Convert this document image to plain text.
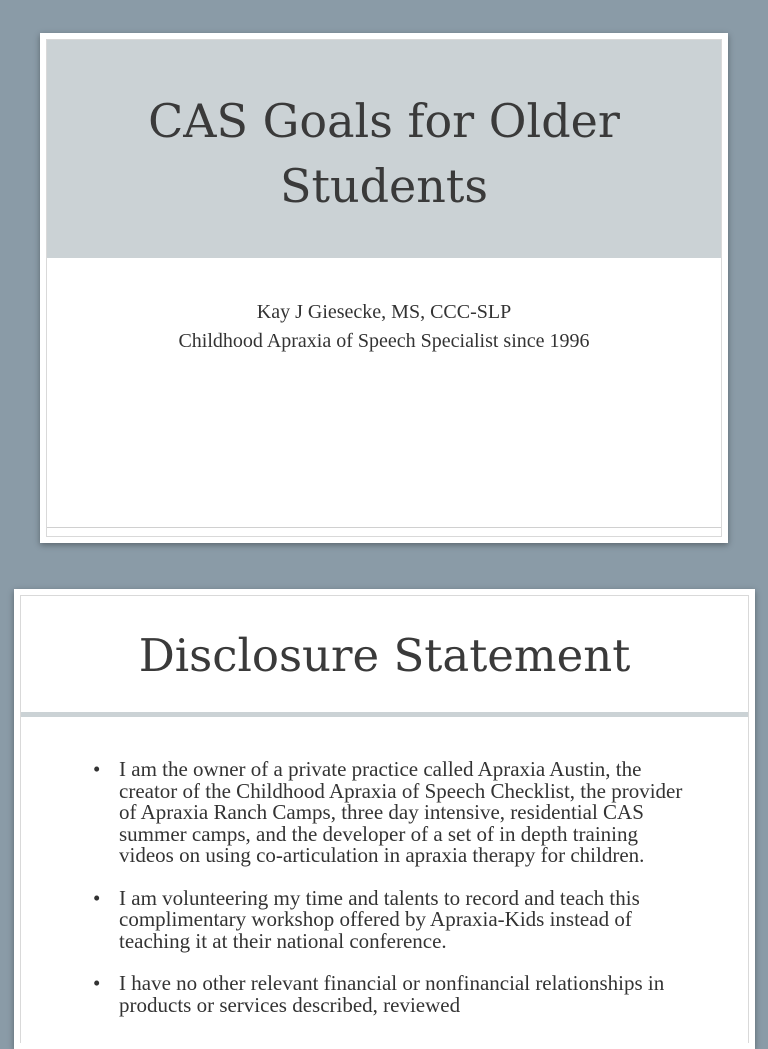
CAS Goals for Older
Students
Kay J Giesecke, MS, CCC-SLP
Childhood Apraxia of Speech Specialist since 1996
Disclosure Statement
• I am the owner of a private practice called Apraxia Austin, the creator of the Childhood Apraxia of Speech Checklist, the provider of Apraxia Ranch Camps, three day intensive, residential CAS summer camps, and the developer of a set of in depth training videos on using co-articulation in apraxia therapy for children.
• I am volunteering my time and talents to record and teach this complimentary workshop offered by Apraxia-Kids instead of teaching it at their national conference.
• I have no other relevant financial or nonfinancial relationships in products or services described, reviewed
